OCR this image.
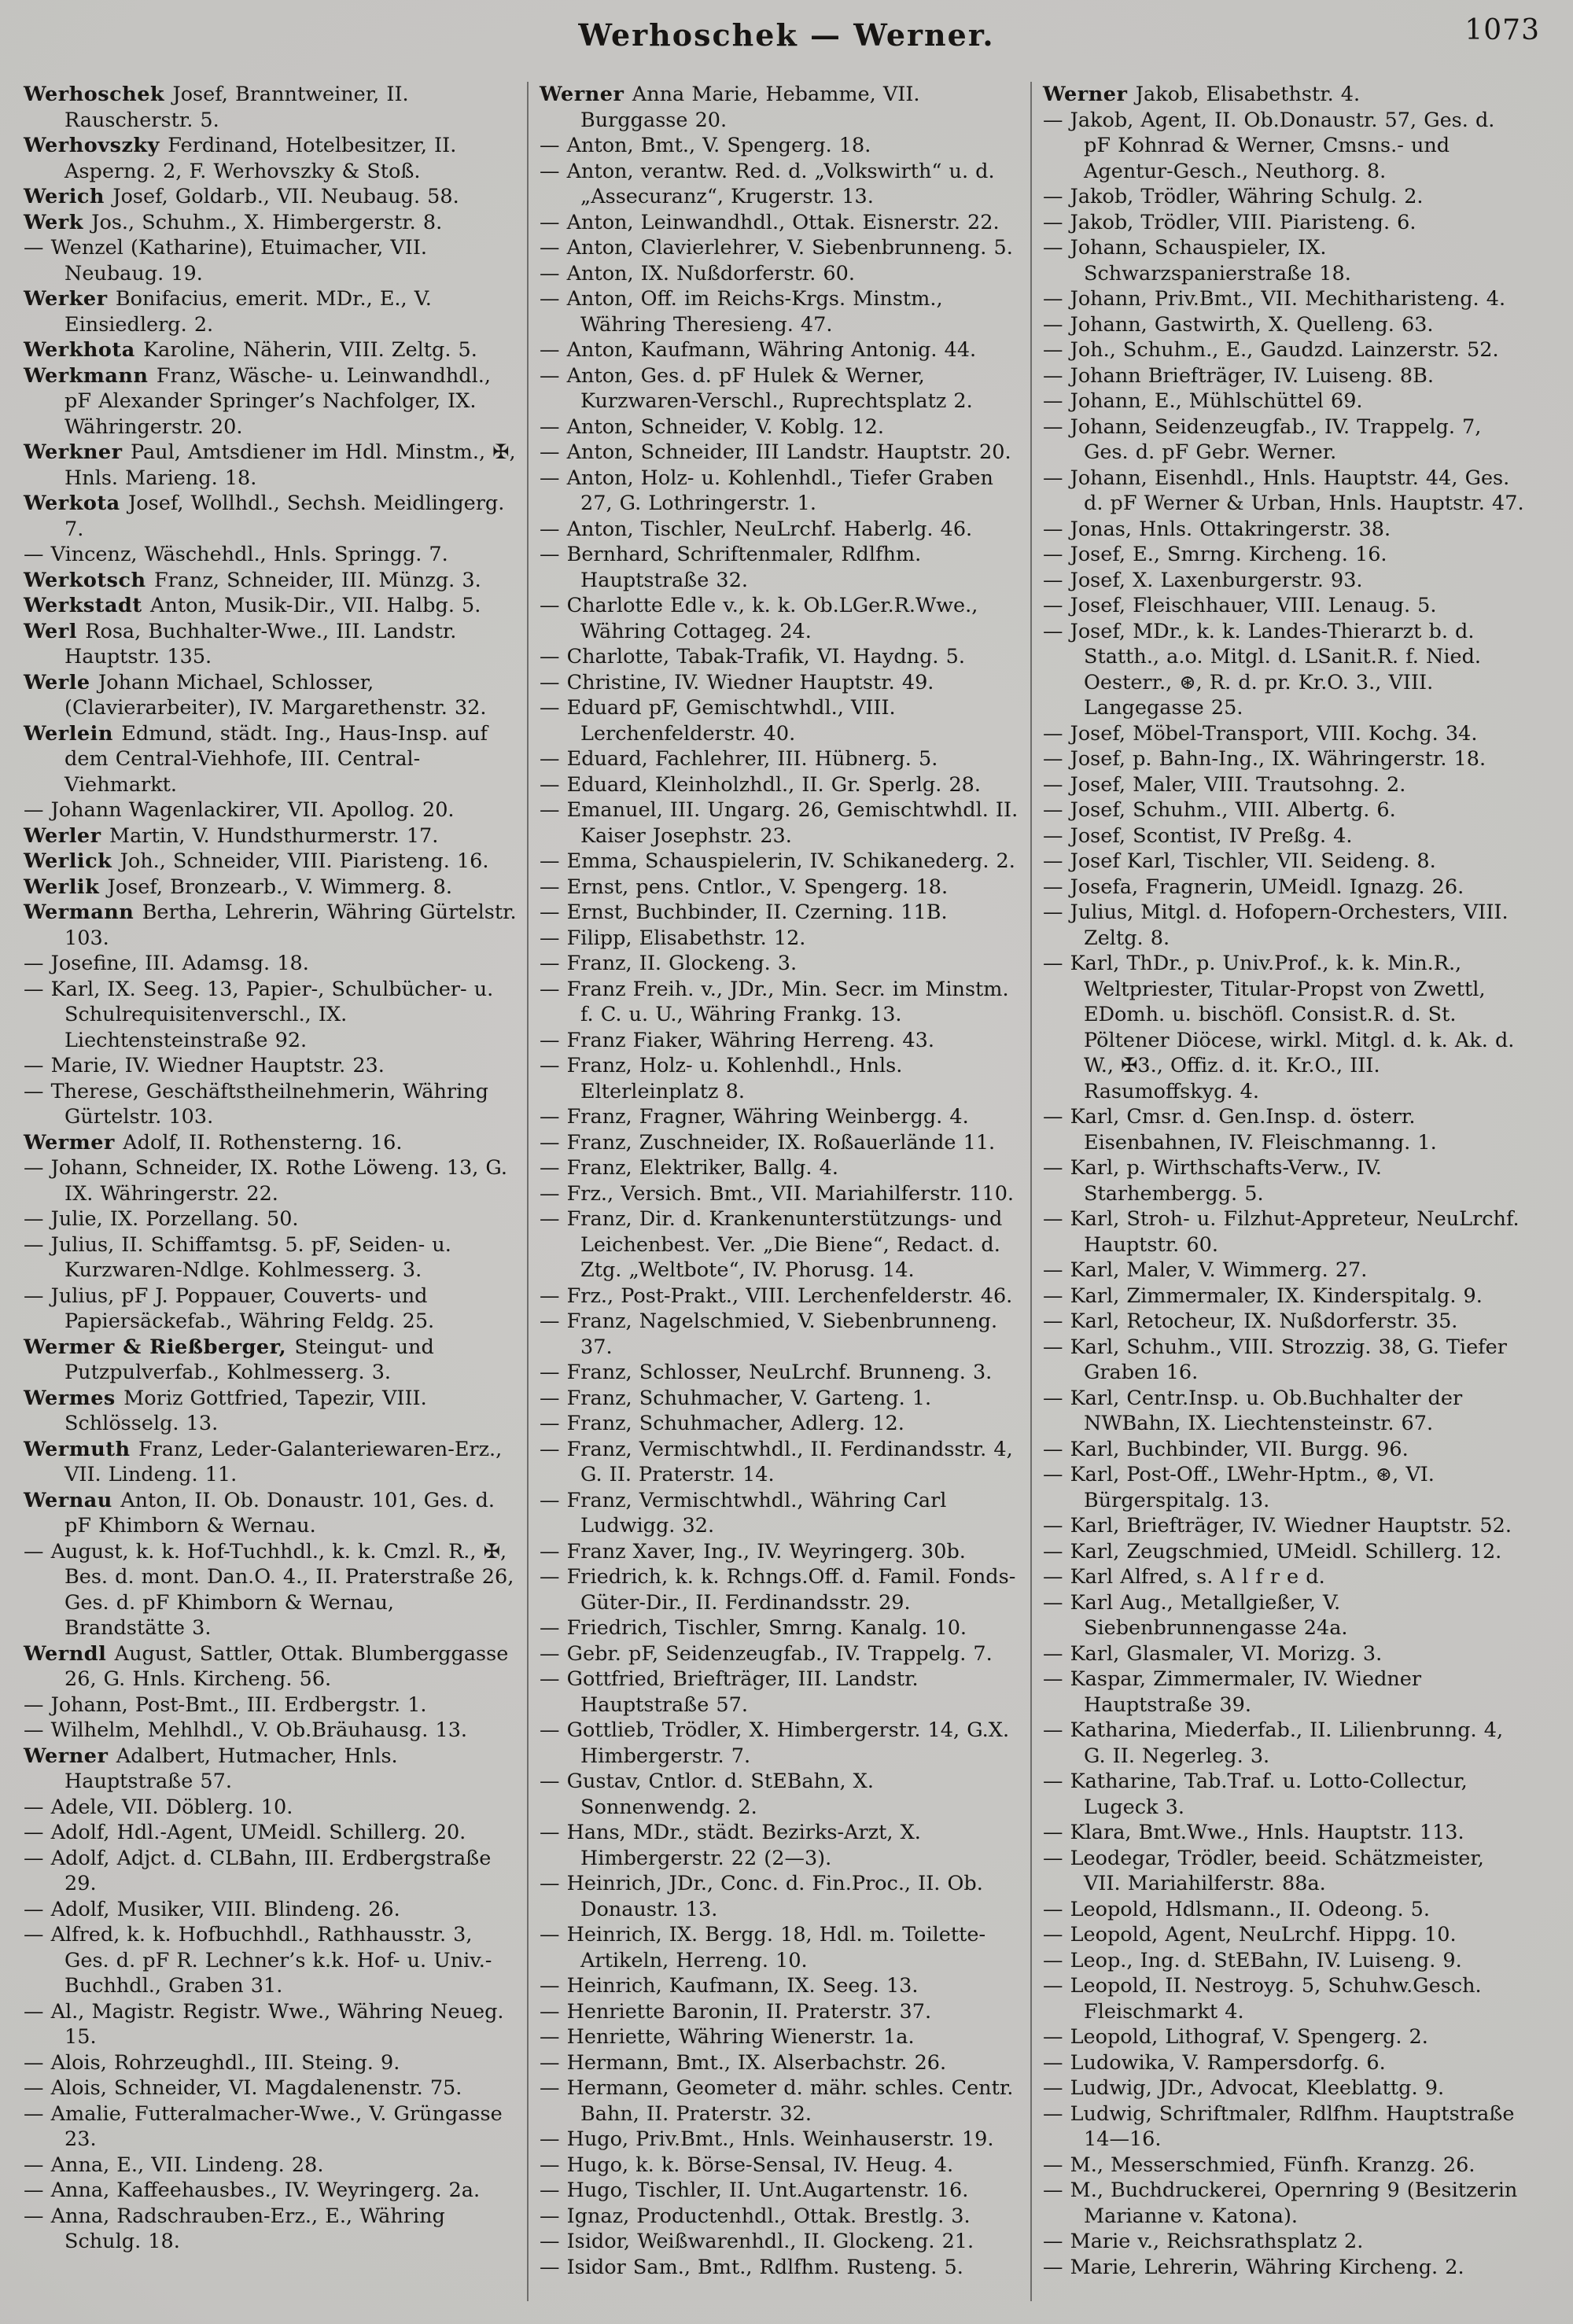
Werhoschek — Werner.	1073

Werhoschek Josef, Branntweiner, II. Rauscherstr. 5.

Werhovszky Ferdinand, Hotelbesitzer, II. Asperng. 2, F. Werhovszky & Stoß.

Werich Josef, Goldarb., VII. Neubaug. 58.

Werk Jos., Schuhm., X. Himbergerstr. 8.

— Wenzel (Katharine), Etuimacher, VII. Neubaug. 19.

Werker Bonifacius, emerit. MDr., E., V. Einsiedlerg. 2.

Werkhota Karoline, Näherin, VIII. Zeltg. 5.

Werkmann Franz, Wäsche- u. Leinwandhdl., pF Alexander Springer’s Nachfolger, IX. Währingerstr. 20.

Werkner Paul, Amtsdiener im Hdl. Minstm., ✠, Hnls. Marieng. 18.

Werkota Josef, Wollhdl., Sechsh. Meidlingerg. 7.

— Vincenz, Wäschehdl., Hnls. Springg. 7.

Werkotsch Franz, Schneider, III. Münzg. 3.

Werkstadt Anton, Musik-Dir., VII. Halbg. 5.

Werl Rosa, Buchhalter-Wwe., III. Landstr. Hauptstr. 135.

Werle Johann Michael, Schlosser, (Clavierarbeiter), IV. Margarethenstr. 32.

Werlein Edmund, städt. Ing., Haus-Insp. auf dem Central-Viehhofe, III. Central-Viehmarkt.

— Johann Wagenlackirer, VII. Apollog. 20.

Werler Martin, V. Hundsthurmerstr. 17.

Werlick Joh., Schneider, VIII. Piaristeng. 16.

Werlik Josef, Bronzearb., V. Wimmerg. 8.

Wermann Bertha, Lehrerin, Währing Gürtelstr. 103.

— Josefine, III. Adamsg. 18.

— Karl, IX. Seeg. 13, Papier-, Schulbücher- u. Schulrequisitenverschl., IX. Liechtensteinstraße 92.

— Marie, IV. Wiedner Hauptstr. 23.

— Therese, Geschäftstheilnehmerin, Währing Gürtelstr. 103.

Wermer Adolf, II. Rothensterng. 16.

— Johann, Schneider, IX. Rothe Löweng. 13, G. IX. Währingerstr. 22.

— Julie, IX. Porzellang. 50.

— Julius, II. Schiffamtsg. 5. pF, Seiden- u. Kurzwaren-Ndlge. Kohlmesserg. 3.

— Julius, pF J. Poppauer, Couverts- und Papiersäckefab., Währing Feldg. 25.

Wermer & Rießberger, Steingut- und Putzpulverfab., Kohlmesserg. 3.

Wermes Moriz Gottfried, Tapezir, VIII. Schlösselg. 13.

Wermuth Franz, Leder-Galanteriewaren-Erz., VII. Lindeng. 11.

Wernau Anton, II. Ob. Donaustr. 101, Ges. d. pF Khimborn & Wernau.

— August, k. k. Hof-Tuchhdl., k. k. Cmzl. R., ✠, Bes. d. mont. Dan.O. 4., II. Praterstraße 26, Ges. d. pF Khimborn & Wernau, Brandstätte 3.

Werndl August, Sattler, Ottak. Blumberggasse 26, G. Hnls. Kircheng. 56.

— Johann, Post-Bmt., III. Erdbergstr. 1.

— Wilhelm, Mehlhdl., V. Ob.Bräuhausg. 13.

Werner Adalbert, Hutmacher, Hnls. Hauptstraße 57.

— Adele, VII. Döblerg. 10.

— Adolf, Hdl.-Agent, UMeidl. Schillerg. 20.

— Adolf, Adjct. d. CLBahn, III. Erdbergstraße 29.

— Adolf, Musiker, VIII. Blindeng. 26.

— Alfred, k. k. Hofbuchhdl., Rathhausstr. 3, Ges. d. pF R. Lechner’s k.k. Hof- u. Univ.-Buchhdl., Graben 31.

— Al., Magistr. Registr. Wwe., Währing Neueg. 15.

— Alois, Rohrzeughdl., III. Steing. 9.

— Alois, Schneider, VI. Magdalenenstr. 75.

— Amalie, Futteralmacher-Wwe., V. Grüngasse 23.

— Anna, E., VII. Lindeng. 28.

— Anna, Kaffeehausbes., IV. Weyringerg. 2a.

— Anna, Radschrauben-Erz., E., Währing Schulg. 18.

Werner Anna Marie, Hebamme, VII. Burggasse 20.

— Anton, Bmt., V. Spengerg. 18.

— Anton, verantw. Red. d. „Volkswirth“ u. d. „Assecuranz“, Krugerstr. 13.

— Anton, Leinwandhdl., Ottak. Eisnerstr. 22.

— Anton, Clavierlehrer, V. Siebenbrunneng. 5.

— Anton, IX. Nußdorferstr. 60.

— Anton, Off. im Reichs-Krgs. Minstm., Währing Theresieng. 47.

— Anton, Kaufmann, Währing Antonig. 44.

— Anton, Ges. d. pF Hulek & Werner, Kurzwaren-Verschl., Ruprechtsplatz 2.

— Anton, Schneider, V. Koblg. 12.

— Anton, Schneider, III Landstr. Hauptstr. 20.

— Anton, Holz- u. Kohlenhdl., Tiefer Graben 27, G. Lothringerstr. 1.

— Anton, Tischler, NeuLrchf. Haberlg. 46.

— Bernhard, Schriftenmaler, Rdlfhm. Hauptstraße 32.

— Charlotte Edle v., k. k. Ob.LGer.R.Wwe., Währing Cottageg. 24.

— Charlotte, Tabak-Trafik, VI. Haydng. 5.

— Christine, IV. Wiedner Hauptstr. 49.

— Eduard pF, Gemischtwhdl., VIII. Lerchenfelderstr. 40.

— Eduard, Fachlehrer, III. Hübnerg. 5.

— Eduard, Kleinholzhdl., II. Gr. Sperlg. 28.

— Emanuel, III. Ungarg. 26, Gemischtwhdl. II. Kaiser Josephstr. 23.

— Emma, Schauspielerin, IV. Schikanederg. 2.

— Ernst, pens. Cntlor., V. Spengerg. 18.

— Ernst, Buchbinder, II. Czerning. 11B.

— Filipp, Elisabethstr. 12.

— Franz, II. Glockeng. 3.

— Franz Freih. v., JDr., Min. Secr. im Minstm. f. C. u. U., Währing Frankg. 13.

— Franz Fiaker, Währing Herreng. 43.

— Franz, Holz- u. Kohlenhdl., Hnls. Elterleinplatz 8.

— Franz, Fragner, Währing Weinbergg. 4.

— Franz, Zuschneider, IX. Roßauerlände 11.

— Franz, Elektriker, Ballg. 4.

— Frz., Versich. Bmt., VII. Mariahilferstr. 110.

— Franz, Dir. d. Krankenunterstützungs- und Leichenbest. Ver. „Die Biene“, Redact. d. Ztg. „Weltbote“, IV. Phorusg. 14.

— Frz., Post-Prakt., VIII. Lerchenfelderstr. 46.

— Franz, Nagelschmied, V. Siebenbrunneng. 37.

— Franz, Schlosser, NeuLrchf. Brunneng. 3.

— Franz, Schuhmacher, V. Garteng. 1.

— Franz, Schuhmacher, Adlerg. 12.

— Franz, Vermischtwhdl., II. Ferdinandsstr. 4, G. II. Praterstr. 14.

— Franz, Vermischtwhdl., Währing Carl Ludwigg. 32.

— Franz Xaver, Ing., IV. Weyringerg. 30b.

— Friedrich, k. k. Rchngs.Off. d. Famil. Fonds-Güter-Dir., II. Ferdinandsstr. 29.

— Friedrich, Tischler, Smrng. Kanalg. 10.

— Gebr. pF, Seidenzeugfab., IV. Trappelg. 7.

— Gottfried, Briefträger, III. Landstr. Hauptstraße 57.

— Gottlieb, Trödler, X. Himbergerstr. 14, G.X. Himbergerstr. 7.

— Gustav, Cntlor. d. StEBahn, X. Sonnenwendg. 2.

— Hans, MDr., städt. Bezirks-Arzt, X. Himbergerstr. 22 (2—3).

— Heinrich, JDr., Conc. d. Fin.Proc., II. Ob. Donaustr. 13.

— Heinrich, IX. Bergg. 18, Hdl. m. Toilette-Artikeln, Herreng. 10.

— Heinrich, Kaufmann, IX. Seeg. 13.

— Henriette Baronin, II. Praterstr. 37.

— Henriette, Währing Wienerstr. 1a.

— Hermann, Bmt., IX. Alserbachstr. 26.

— Hermann, Geometer d. mähr. schles. Centr. Bahn, II. Praterstr. 32.

— Hugo, Priv.Bmt., Hnls. Weinhauserstr. 19.

— Hugo, k. k. Börse-Sensal, IV. Heug. 4.

— Hugo, Tischler, II. Unt.Augartenstr. 16.

— Ignaz, Productenhdl., Ottak. Brestlg. 3.

— Isidor, Weißwarenhdl., II. Glockeng. 21.

— Isidor Sam., Bmt., Rdlfhm. Rusteng. 5.

Werner Jakob, Elisabethstr. 4.

— Jakob, Agent, II. Ob.Donaustr. 57, Ges. d. pF Kohnrad & Werner, Cmsns.- und Agentur-Gesch., Neuthorg. 8.

— Jakob, Trödler, Währing Schulg. 2.

— Jakob, Trödler, VIII. Piaristeng. 6.

— Johann, Schauspieler, IX. Schwarzspanierstraße 18.

— Johann, Priv.Bmt., VII. Mechitharisteng. 4.

— Johann, Gastwirth, X. Quelleng. 63.

— Joh., Schuhm., E., Gaudzd. Lainzerstr. 52.

— Johann Briefträger, IV. Luiseng. 8B.

— Johann, E., Mühlschüttel 69.

— Johann, Seidenzeugfab., IV. Trappelg. 7, Ges. d. pF Gebr. Werner.

— Johann, Eisenhdl., Hnls. Hauptstr. 44, Ges. d. pF Werner & Urban, Hnls. Hauptstr. 47.

— Jonas, Hnls. Ottakringerstr. 38.

— Josef, E., Smrng. Kircheng. 16.

— Josef, X. Laxenburgerstr. 93.

— Josef, Fleischhauer, VIII. Lenaug. 5.

— Josef, MDr., k. k. Landes-Thierarzt b. d. Statth., a.o. Mitgl. d. LSanit.R. f. Nied. Oesterr., ⊛, R. d. pr. Kr.O. 3., VIII. Langegasse 25.

— Josef, Möbel-Transport, VIII. Kochg. 34.

— Josef, p. Bahn-Ing., IX. Währingerstr. 18.

— Josef, Maler, VIII. Trautsohng. 2.

— Josef, Schuhm., VIII. Albertg. 6.

— Josef, Scontist, IV Preßg. 4.

— Josef Karl, Tischler, VII. Seideng. 8.

— Josefa, Fragnerin, UMeidl. Ignazg. 26.

— Julius, Mitgl. d. Hofopern-Orchesters, VIII. Zeltg. 8.

— Karl, ThDr., p. Univ.Prof., k. k. Min.R., Weltpriester, Titular-Propst von Zwettl, EDomh. u. bischöfl. Consist.R. d. St. Pöltener Diöcese, wirkl. Mitgl. d. k. Ak. d. W., ✠3., Offiz. d. it. Kr.O., III. Rasumoffskyg. 4.

— Karl, Cmsr. d. Gen.Insp. d. österr. Eisenbahnen, IV. Fleischmanng. 1.

— Karl, p. Wirthschafts-Verw., IV. Starhembergg. 5.

— Karl, Stroh- u. Filzhut-Appreteur, NeuLrchf. Hauptstr. 60.

— Karl, Maler, V. Wimmerg. 27.

— Karl, Zimmermaler, IX. Kinderspitalg. 9.

— Karl, Retocheur, IX. Nußdorferstr. 35.

— Karl, Schuhm., VIII. Strozzig. 38, G. Tiefer Graben 16.

— Karl, Centr.Insp. u. Ob.Buchhalter der NWBahn, IX. Liechtensteinstr. 67.

— Karl, Buchbinder, VII. Burgg. 96.

— Karl, Post-Off., LWehr-Hptm., ⊛, VI. Bürgerspitalg. 13.

— Karl, Briefträger, IV. Wiedner Hauptstr. 52.

— Karl, Zeugschmied, UMeidl. Schillerg. 12.

— Karl Alfred, s. A l f r e d.

— Karl Aug., Metallgießer, V. Siebenbrunnengasse 24a.

— Karl, Glasmaler, VI. Morizg. 3.

— Kaspar, Zimmermaler, IV. Wiedner Hauptstraße 39.

— Katharina, Miederfab., II. Lilienbrunng. 4, G. II. Negerleg. 3.

— Katharine, Tab.Traf. u. Lotto-Collectur, Lugeck 3.

— Klara, Bmt.Wwe., Hnls. Hauptstr. 113.

— Leodegar, Trödler, beeid. Schätzmeister, VII. Mariahilferstr. 88a.

— Leopold, Hdlsmann., II. Odeong. 5.

— Leopold, Agent, NeuLrchf. Hippg. 10.

— Leop., Ing. d. StEBahn, IV. Luiseng. 9.

— Leopold, II. Nestroyg. 5, Schuhw.Gesch. Fleischmarkt 4.

— Leopold, Lithograf, V. Spengerg. 2.

— Ludowika, V. Rampersdorfg. 6.

— Ludwig, JDr., Advocat, Kleeblattg. 9.

— Ludwig, Schriftmaler, Rdlfhm. Hauptstraße 14—16.

— M., Messerschmied, Fünfh. Kranzg. 26.

— M., Buchdruckerei, Opernring 9 (Besitzerin Marianne v. Katona).

— Marie v., Reichsrathsplatz 2.

— Marie, Lehrerin, Währing Kircheng. 2.
